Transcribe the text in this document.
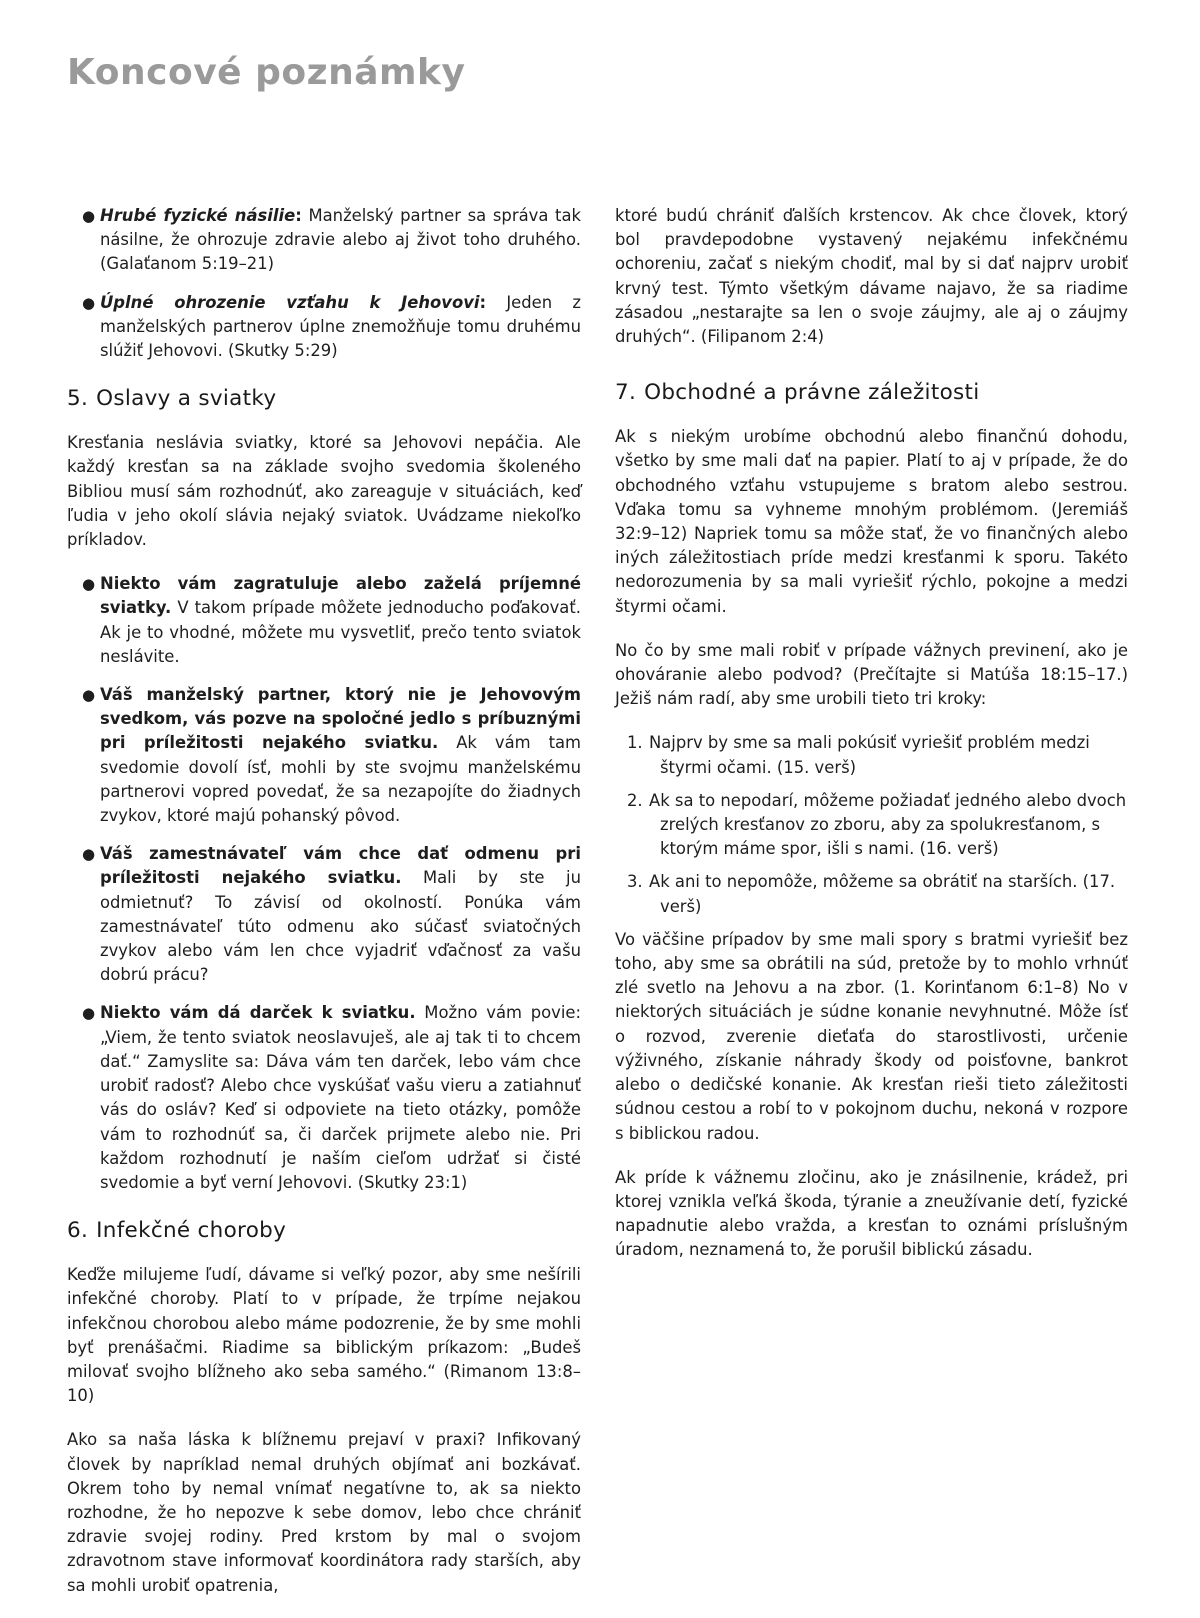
Koncové poznámky
● Hrubé fyzické násilie: Manželský partner sa správa tak násilne, že ohrozuje zdravie alebo aj život toho druhého. (Galaťanom 5:19–21)
● Úplné ohrozenie vzťahu k Jehovovi: Jeden z manželských partnerov úplne znemožňuje tomu druhému slúžiť Jehovovi. (Skutky 5:29)
5. Oslavy a sviatky

Kresťania neslávia sviatky, ktoré sa Jehovovi nepáčia. Ale každý kresťan sa na základe svojho svedomia školeného Bibliou musí sám rozhodnúť, ako zareaguje v situáciách, keď ľudia v jeho okolí slávia nejaký sviatok. Uvádzame niekoľko príkladov.

● Niekto vám zagratuluje alebo zaželá príjemné sviatky. V takom prípade môžete jednoducho poďakovať. Ak je to vhodné, môžete mu vysvetliť, prečo tento sviatok neslávite.
● Váš manželský partner, ktorý nie je Jehovovým svedkom, vás pozve na spoločné jedlo s príbuznými pri príležitosti nejakého sviatku. Ak vám tam svedomie dovolí ísť, mohli by ste svojmu manželskému partnerovi vopred povedať, že sa nezapojíte do žiadnych zvykov, ktoré majú pohanský pôvod.
● Váš zamestnávateľ vám chce dať odmenu pri príležitosti nejakého sviatku. Mali by ste ju odmietnuť? To závisí od okolností. Ponúka vám zamestnávateľ túto odmenu ako súčasť sviatočných zvykov alebo vám len chce vyjadriť vďačnosť za vašu dobrú prácu?
● Niekto vám dá darček k sviatku. Možno vám povie: „Viem, že tento sviatok neoslavuješ, ale aj tak ti to chcem dať.“ Zamyslite sa: Dáva vám ten darček, lebo vám chce urobiť radosť? Alebo chce vyskúšať vašu vieru a zatiahnuť vás do osláv? Keď si odpoviete na tieto otázky, pomôže vám to rozhodnúť sa, či darček prijmete alebo nie. Pri každom rozhodnutí je naším cieľom udržať si čisté svedomie a byť verní Jehovovi. (Skutky 23:1)
6. Infekčné choroby

Keďže milujeme ľudí, dávame si veľký pozor, aby sme nešírili infekčné choroby. Platí to v prípade, že trpíme nejakou infekčnou chorobou alebo máme podozrenie, že by sme mohli byť prenášačmi. Riadime sa biblickým príkazom: „Budeš milovať svojho blížneho ako seba samého.“ (Rimanom 13:8–10)

Ako sa naša láska k blížnemu prejaví v praxi? Infikovaný človek by napríklad nemal druhých objímať ani bozkávať. Okrem toho by nemal vnímať negatívne to, ak sa niekto rozhodne, že ho nepozve k sebe domov, lebo chce chrániť zdravie svojej rodiny. Pred krstom by mal o svojom zdravotnom stave informovať koordinátora rady starších, aby sa mohli urobiť opatrenia,

ktoré budú chrániť ďalších krstencov. Ak chce človek, ktorý bol pravdepodobne vystavený nejakému infekčnému ochoreniu, začať s niekým chodiť, mal by si dať najprv urobiť krvný test. Týmto všetkým dávame najavo, že sa riadime zásadou „nestarajte sa len o svoje záujmy, ale aj o záujmy druhých“. (Filipanom 2:4)

7. Obchodné a právne záležitosti

Ak s niekým urobíme obchodnú alebo finančnú dohodu, všetko by sme mali dať na papier. Platí to aj v prípade, že do obchodného vzťahu vstupujeme s bratom alebo sestrou. Vďaka tomu sa vyhneme mnohým problémom. (Jeremiáš 32:9–12) Napriek tomu sa môže stať, že vo finančných alebo iných záležitostiach príde medzi kresťanmi k sporu. Takéto nedorozumenia by sa mali vyriešiť rýchlo, pokojne a medzi štyrmi očami.

No čo by sme mali robiť v prípade vážnych previnení, ako je ohováranie alebo podvod? (Prečítajte si Matúša 18:15–17.) Ježiš nám radí, aby sme urobili tieto tri kroky:

1. Najprv by sme sa mali pokúsiť vyriešiť problém medzi štyrmi očami. (15. verš)
2. Ak sa to nepodarí, môžeme požiadať jedného alebo dvoch zrelých kresťanov zo zboru, aby za spolukresťanom, s ktorým máme spor, išli s nami. (16. verš)
3. Ak ani to nepomôže, môžeme sa obrátiť na starších. (17. verš)

Vo väčšine prípadov by sme mali spory s bratmi vyriešiť bez toho, aby sme sa obrátili na súd, pretože by to mohlo vrhnúť zlé svetlo na Jehovu a na zbor. (1. Korinťanom 6:1–8) No v niektorých situáciách je súdne konanie nevyhnutné. Môže ísť o rozvod, zverenie dieťaťa do starostlivosti, určenie výživného, získanie náhrady škody od poisťovne, bankrot alebo o dedičské konanie. Ak kresťan rieši tieto záležitosti súdnou cestou a robí to v pokojnom duchu, nekoná v rozpore s biblickou radou.

Ak príde k vážnemu zločinu, ako je znásilnenie, krádež, pri ktorej vznikla veľká škoda, týranie a zneužívanie detí, fyzické napadnutie alebo vražda, a kresťan to oznámi príslušným úradom, neznamená to, že porušil biblickú zásadu.
